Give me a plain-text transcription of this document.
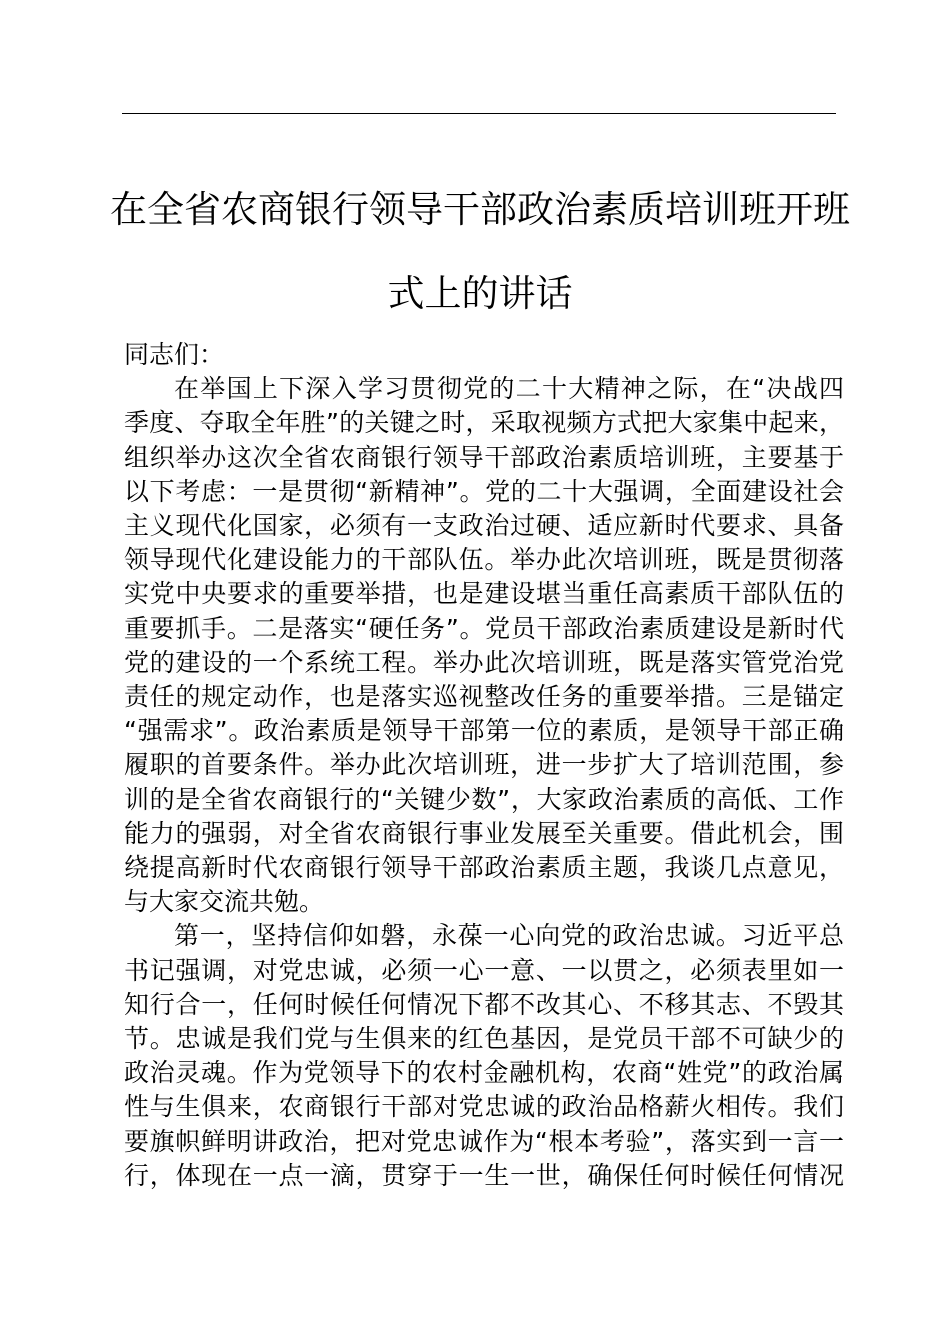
在全省农商银行领导干部政治素质培训班开班
式上的讲话

同志们：

在举国上下深入学习贯彻党的二十大精神之际，在“决战四
季度、夺取全年胜”的关键之时，采取视频方式把大家集中起来，
组织举办这次全省农商银行领导干部政治素质培训班，主要基于
以下考虑：一是贯彻“新精神”。党的二十大强调，全面建设社会
主义现代化国家，必须有一支政治过硬、适应新时代要求、具备
领导现代化建设能力的干部队伍。举办此次培训班，既是贯彻落
实党中央要求的重要举措，也是建设堪当重任高素质干部队伍的
重要抓手。二是落实“硬任务”。党员干部政治素质建设是新时代
党的建设的一个系统工程。举办此次培训班，既是落实管党治党
责任的规定动作，也是落实巡视整改任务的重要举措。三是锚定
“强需求”。政治素质是领导干部第一位的素质，是领导干部正确
履职的首要条件。举办此次培训班，进一步扩大了培训范围，参
训的是全省农商银行的“关键少数”，大家政治素质的高低、工作
能力的强弱，对全省农商银行事业发展至关重要。借此机会，围
绕提高新时代农商银行领导干部政治素质主题，我谈几点意见，
与大家交流共勉。

第一，坚持信仰如磐，永葆一心向党的政治忠诚。习近平总
书记强调，对党忠诚，必须一心一意、一以贯之，必须表里如一
知行合一，任何时候任何情况下都不改其心、不移其志、不毁其
节。忠诚是我们党与生俱来的红色基因，是党员干部不可缺少的
政治灵魂。作为党领导下的农村金融机构，农商“姓党”的政治属
性与生俱来，农商银行干部对党忠诚的政治品格薪火相传。我们
要旗帜鲜明讲政治，把对党忠诚作为“根本考验”，落实到一言一
行，体现在一点一滴，贯穿于一生一世，确保任何时候任何情况
